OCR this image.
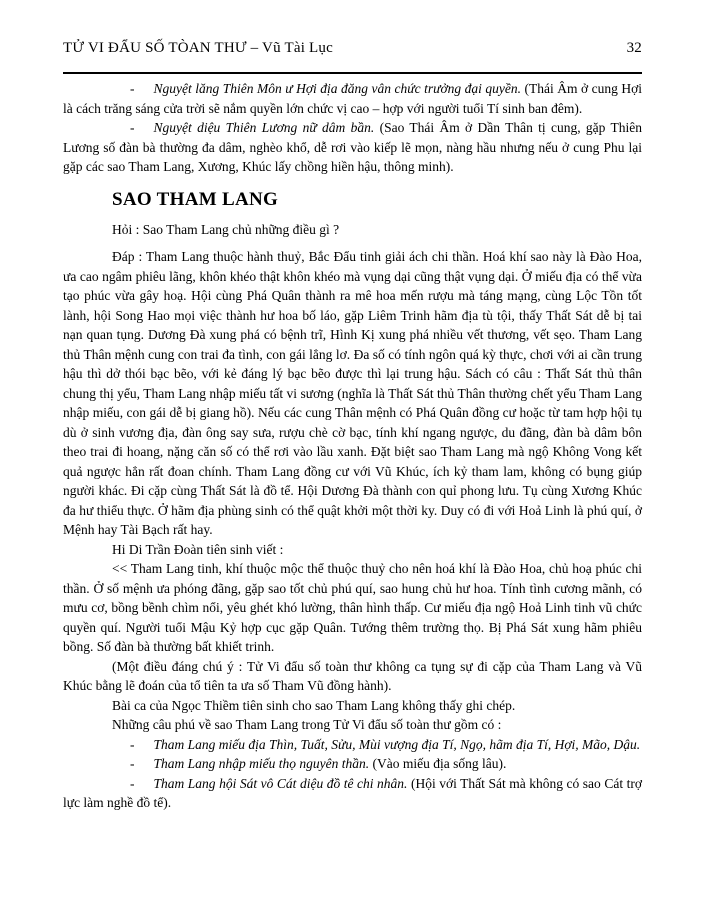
TỬ VI ĐẨU SỐ TÒAN THƯ – Vũ Tài Lục	32

- Nguyệt lăng Thiên Môn ư Hợi địa đăng vân chức trưởng đại quyền. (Thái Âm ở cung Hợi là cách trăng sáng cửa trời sẽ nắm quyền lớn chức vị cao – hợp với người tuổi Tí sinh ban đêm).

- Nguyệt diệu Thiên Lương nữ dâm bần. (Sao Thái Âm ở Dần Thân tị cung, gặp Thiên Lương số đàn bà thường đa dâm, nghèo khổ, dễ rơi vào kiếp lẽ mọn, nàng hầu nhưng nếu ở cung Phu lại gặp các sao Tham Lang, Xương, Khúc lấy chồng hiền hậu, thông minh).

SAO THAM LANG

Hỏi : Sao Tham Lang chủ những điều gì ?

Đáp : Tham Lang thuộc hành thuỷ, Bắc Đẩu tinh giải ách chi thần. Hoá khí sao này là Đào Hoa, ưa cao ngâm phiêu lãng, khôn khéo thật khôn khéo mà vụng dại cũng thật vụng dại. Ở miếu địa có thể vừa tạo phúc vừa gây hoạ. Hội cùng Phá Quân thành ra mê hoa mến rượu mà táng mạng, cùng Lộc Tồn tốt lành, hội Song Hao mọi việc thành hư hoa bố láo, gặp Liêm Trinh hãm địa tù tội, thấy Thất Sát dễ bị tai nạn quan tụng. Dương Đà xung phá có bệnh trĩ, Hình Kị xung phá nhiều vết thương, vết sẹo. Tham Lang thủ Thân mệnh cung con trai đa tình, con gái lẳng lơ. Đa số có tính ngôn quá kỳ thực, chơi với ai cần trung hậu thì dở thói bạc bẽo, với kẻ đáng lý bạc bẽo được thì lại trung hậu. Sách có câu : Thất Sát thủ thân chung thị yểu, Tham Lang nhập miếu tất vi sương (nghĩa là Thất Sát thủ Thân thường chết yểu Tham Lang nhập miếu, con gái dễ bị giang hồ). Nếu các cung Thân mệnh có Phá Quân đồng cư hoặc từ tam hợp hội tụ dù ở sinh vương địa, đàn ông say sưa, rượu chè cờ bạc, tính khí ngang ngược, du đãng, đàn bà dâm bôn theo trai đi hoang, nặng căn số có thể rơi vào lầu xanh. Đặt biệt sao Tham Lang mà ngộ Không Vong kết quả ngược hẳn rất đoan chính. Tham Lang đồng cư với Vũ Khúc, ích kỷ tham lam, không có bụng giúp người khác. Đi cặp cùng Thất Sát là đồ tể. Hội Dương Đà thành con quỉ phong lưu. Tụ cùng Xương Khúc đa hư thiểu thực. Ở hãm địa phùng sinh có thể quật khởi một thời ky. Duy có đi với Hoả Linh là phú quí, ở Mệnh hay Tài Bạch rất hay.

Hi Di Trần Đoàn tiên sinh viết :

<< Tham Lang tinh, khí thuộc mộc thể thuộc thuỷ cho nên hoá khí là Đào Hoa, chủ hoạ phúc chi thần. Ở số mệnh ưa phóng đãng, gặp sao tốt chủ phú quí, sao hung chủ hư hoa. Tính tình cương mãnh, có mưu cơ, bồng bềnh chìm nổi, yêu ghét khó lường, thân hình thấp. Cư miếu địa ngộ Hoả Linh tinh vũ chức quyền quí. Người tuổi Mậu Kỷ hợp cục gặp Quân. Tướng thêm trường thọ. Bị Phá Sát xung hãm phiêu bồng. Số đàn bà thường bất khiết trinh.

(Một điều đáng chú ý : Tử Vi đẩu số toàn thư không ca tụng sự đi cặp của Tham Lang và Vũ Khúc bằng lẽ đoán của tổ tiên ta ưa số Tham Vũ đồng hành).

Bài ca của Ngọc Thiềm tiên sinh cho sao Tham Lang không thấy ghi chép.

Những câu phú về sao Tham Lang trong Tử Vi đẩu số toàn thư gồm có :

- Tham Lang miếu địa Thìn, Tuất, Sửu, Mùi vượng địa Tí, Ngọ, hãm địa Tí, Hợi, Mão, Dậu.

- Tham Lang nhập miếu thọ nguyên thần. (Vào miếu địa sống lâu).

- Tham Lang hội Sát vô Cát diệu đồ tê chi nhân. (Hội với Thất Sát mà không có sao Cát trợ lực làm nghề đồ tể).
